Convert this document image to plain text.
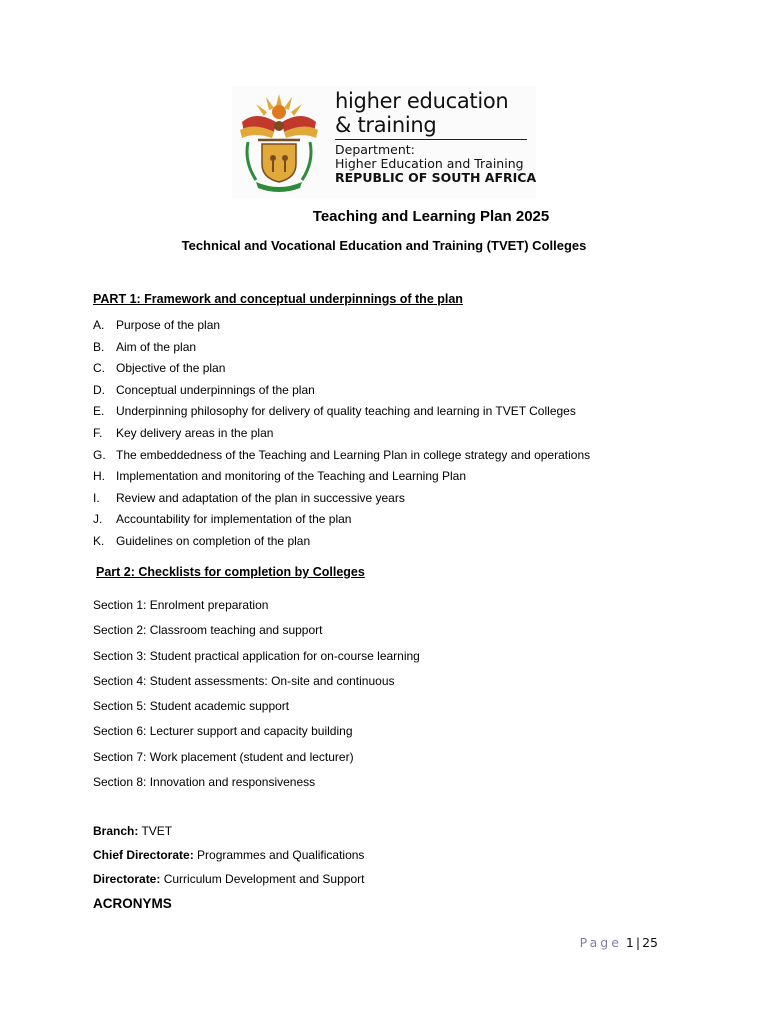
higher education
& training
Department:
Higher Education and Training
REPUBLIC OF SOUTH AFRICA
Teaching and Learning Plan 2025
Technical and Vocational Education and Training (TVET) Colleges
PART 1: Framework and conceptual underpinnings of the plan
A. Purpose of the plan
B. Aim of the plan
C. Objective of the plan
D. Conceptual underpinnings of the plan
E. Underpinning philosophy for delivery of quality teaching and learning in TVET Colleges
F. Key delivery areas in the plan
G. The embeddedness of the Teaching and Learning Plan in college strategy and operations
H. Implementation and monitoring of the Teaching and Learning Plan
I. Review and adaptation of the plan in successive years
J. Accountability for implementation of the plan
K. Guidelines on completion of the plan
Part 2: Checklists for completion by Colleges
Section 1: Enrolment preparation
Section 2: Classroom teaching and support
Section 3: Student practical application for on-course learning
Section 4: Student assessments: On-site and continuous
Section 5: Student academic support
Section 6: Lecturer support and capacity building
Section 7: Work placement (student and lecturer)
Section 8: Innovation and responsiveness
Branch: TVET
Chief Directorate: Programmes and Qualifications
Directorate: Curriculum Development and Support
ACRONYMS
Page 1 | 25
